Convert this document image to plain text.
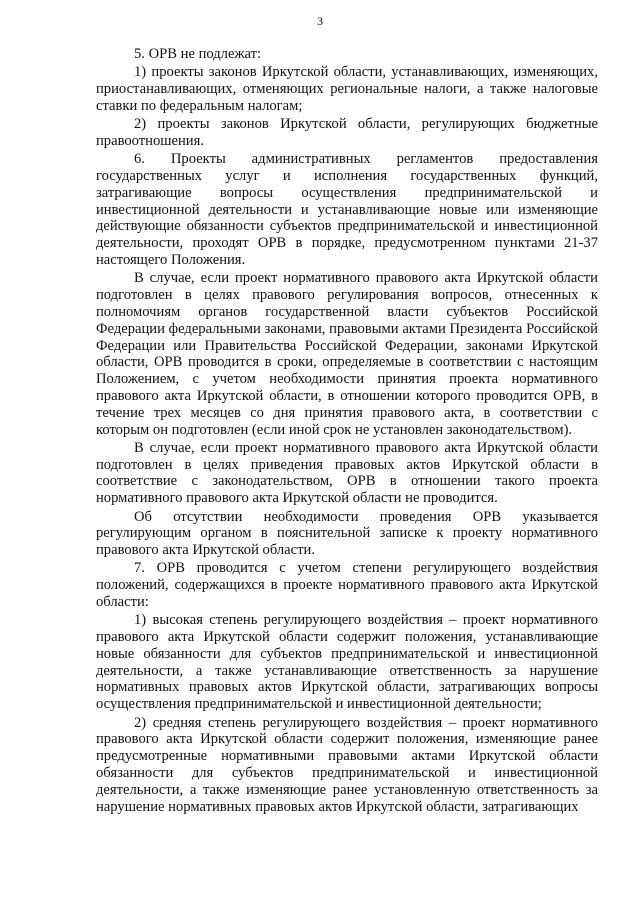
3

5. ОРВ не подлежат:

1) проекты законов Иркутской области, устанавливающих, изменяющих, приостанавливающих, отменяющих региональные налоги, а также налоговые ставки по федеральным налогам;

2) проекты законов Иркутской области, регулирующих бюджетные правоотношения.

6. Проекты административных регламентов предоставления государственных услуг и исполнения государственных функций, затрагивающие вопросы осуществления предпринимательской и инвестиционной деятельности и устанавливающие новые или изменяющие действующие обязанности субъектов предпринимательской и инвестиционной деятельности, проходят ОРВ в порядке, предусмотренном пунктами 21-37 настоящего Положения.

В случае, если проект нормативного правового акта Иркутской области подготовлен в целях правового регулирования вопросов, отнесенных к полномочиям органов государственной власти субъектов Российской Федерации федеральными законами, правовыми актами Президента Российской Федерации или Правительства Российской Федерации, законами Иркутской области, ОРВ проводится в сроки, определяемые в соответствии с настоящим Положением, с учетом необходимости принятия проекта нормативного правового акта Иркутской области, в отношении которого проводится ОРВ, в течение трех месяцев со дня принятия правового акта, в соответствии с которым он подготовлен (если иной срок не установлен законодательством).

В случае, если проект нормативного правового акта Иркутской области подготовлен в целях приведения правовых актов Иркутской области в соответствие с законодательством, ОРВ в отношении такого проекта нормативного правового акта Иркутской области не проводится.

Об отсутствии необходимости проведения ОРВ указывается регулирующим органом в пояснительной записке к проекту нормативного правового акта Иркутской области.

7. ОРВ проводится с учетом степени регулирующего воздействия положений, содержащихся в проекте нормативного правового акта Иркутской области:

1) высокая степень регулирующего воздействия – проект нормативного правового акта Иркутской области содержит положения, устанавливающие новые обязанности для субъектов предпринимательской и инвестиционной деятельности, а также устанавливающие ответственность за нарушение нормативных правовых актов Иркутской области, затрагивающих вопросы осуществления предпринимательской и инвестиционной деятельности;

2) средняя степень регулирующего воздействия – проект нормативного правового акта Иркутской области содержит положения, изменяющие ранее предусмотренные нормативными правовыми актами Иркутской области обязанности для субъектов предпринимательской и инвестиционной деятельности, а также изменяющие ранее установленную ответственность за нарушение нормативных правовых актов Иркутской области, затрагивающих
